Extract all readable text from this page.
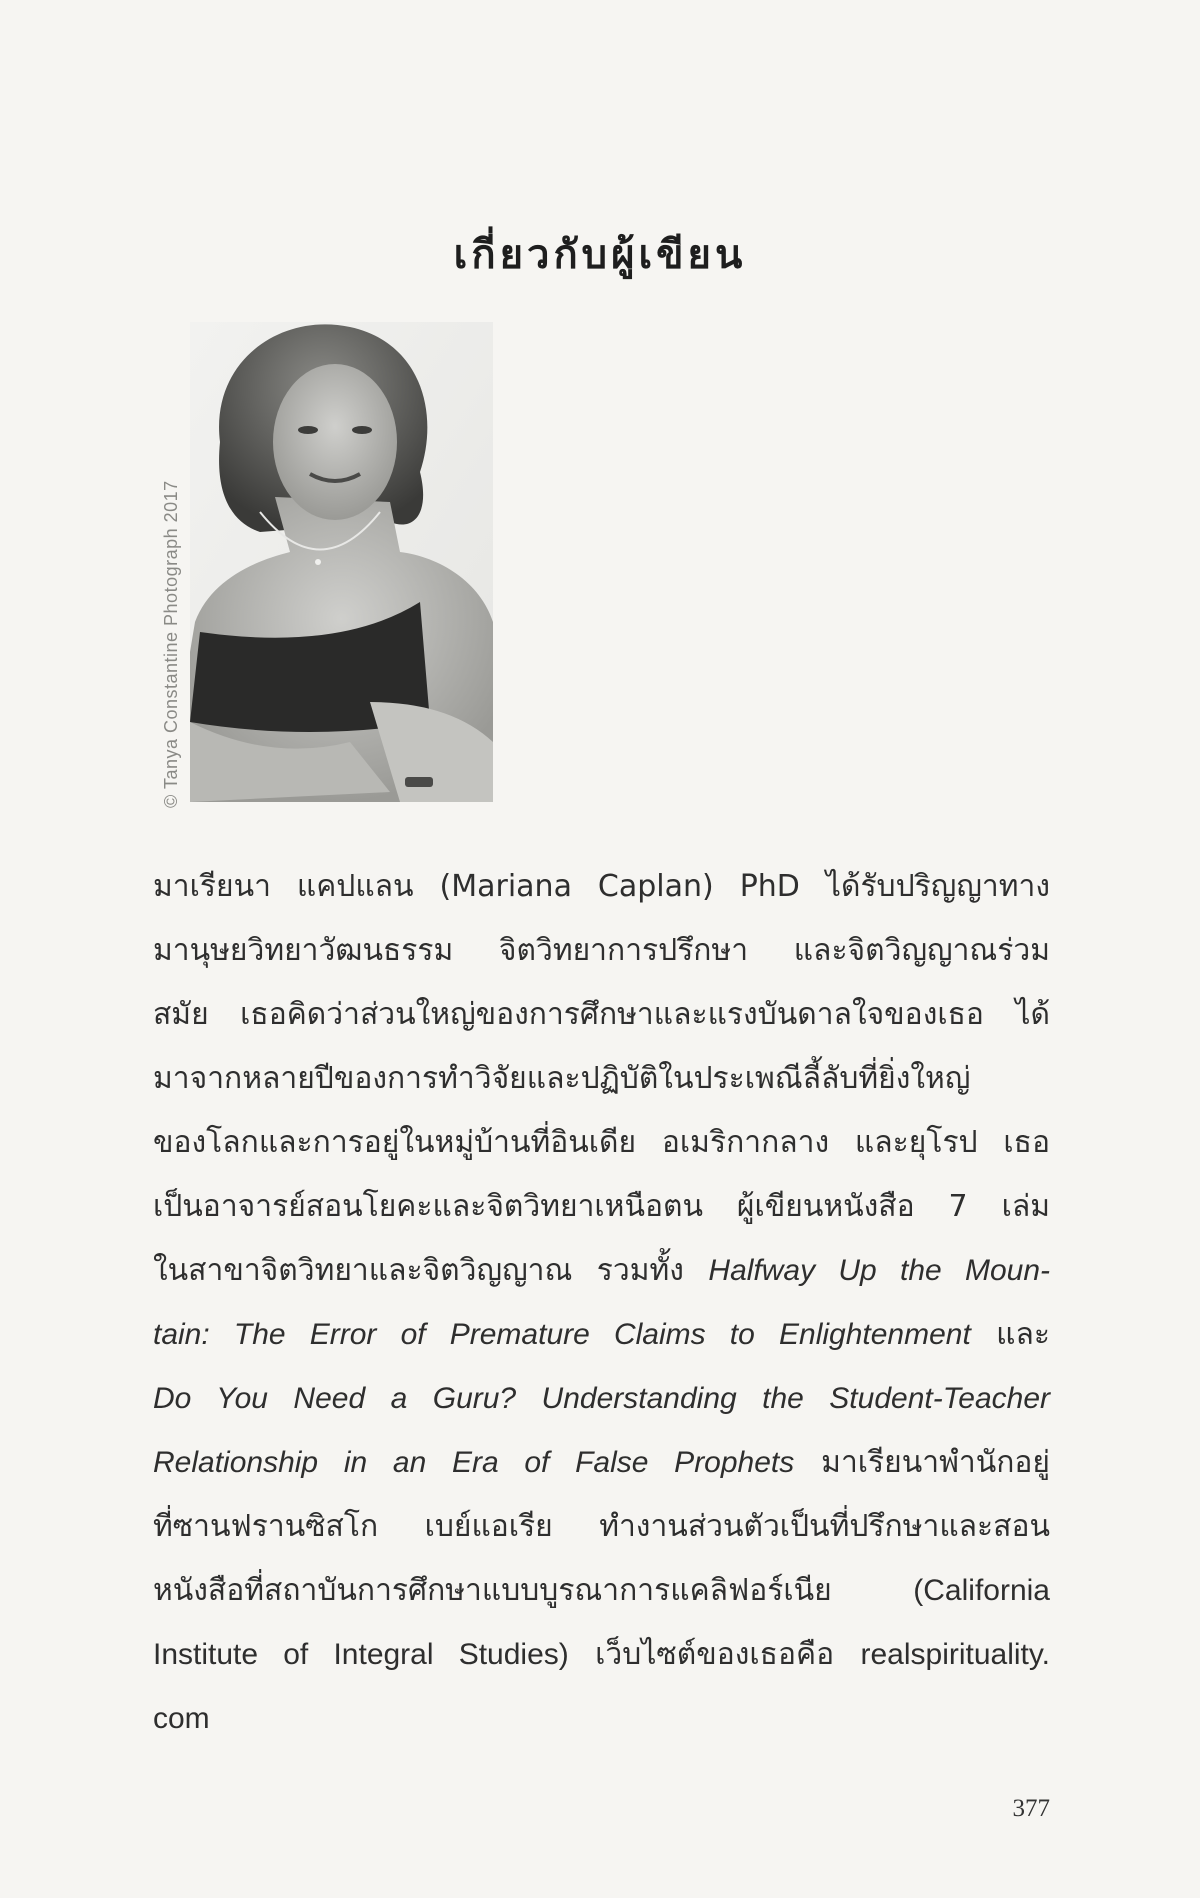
เกี่ยวกับผู้เขียน
© Tanya Constantine Photograph 2017
มาเรียนา แคปแลน (Mariana Caplan) PhD ได้รับปริญญาทาง
มานุษยวิทยาวัฒนธรรม จิตวิทยาการปรึกษา และจิตวิญญาณร่วม
สมัย เธอคิดว่าส่วนใหญ่ของการศึกษาและแรงบันดาลใจของเธอ ได้
มาจากหลายปีของการทำวิจัยและปฏิบัติในประเพณีลี้ลับที่ยิ่งใหญ่
ของโลกและการอยู่ในหมู่บ้านที่อินเดีย อเมริกากลาง และยุโรป เธอ
เป็นอาจารย์สอนโยคะและจิตวิทยาเหนือตน ผู้เขียนหนังสือ 7 เล่ม
ในสาขาจิตวิทยาและจิตวิญญาณ รวมทั้ง Halfway Up the Moun-
tain: The Error of Premature Claims to Enlightenment และ
Do You Need a Guru? Understanding the Student-Teacher
Relationship in an Era of False Prophets มาเรียนาพำนักอยู่
ที่ซานฟรานซิสโก เบย์แอเรีย ทำงานส่วนตัวเป็นที่ปรึกษาและสอน
หนังสือที่สถาบันการศึกษาแบบบูรณาการแคลิฟอร์เนีย (California
Institute of Integral Studies) เว็บไซต์ของเธอคือ realspirituality.
com
377
